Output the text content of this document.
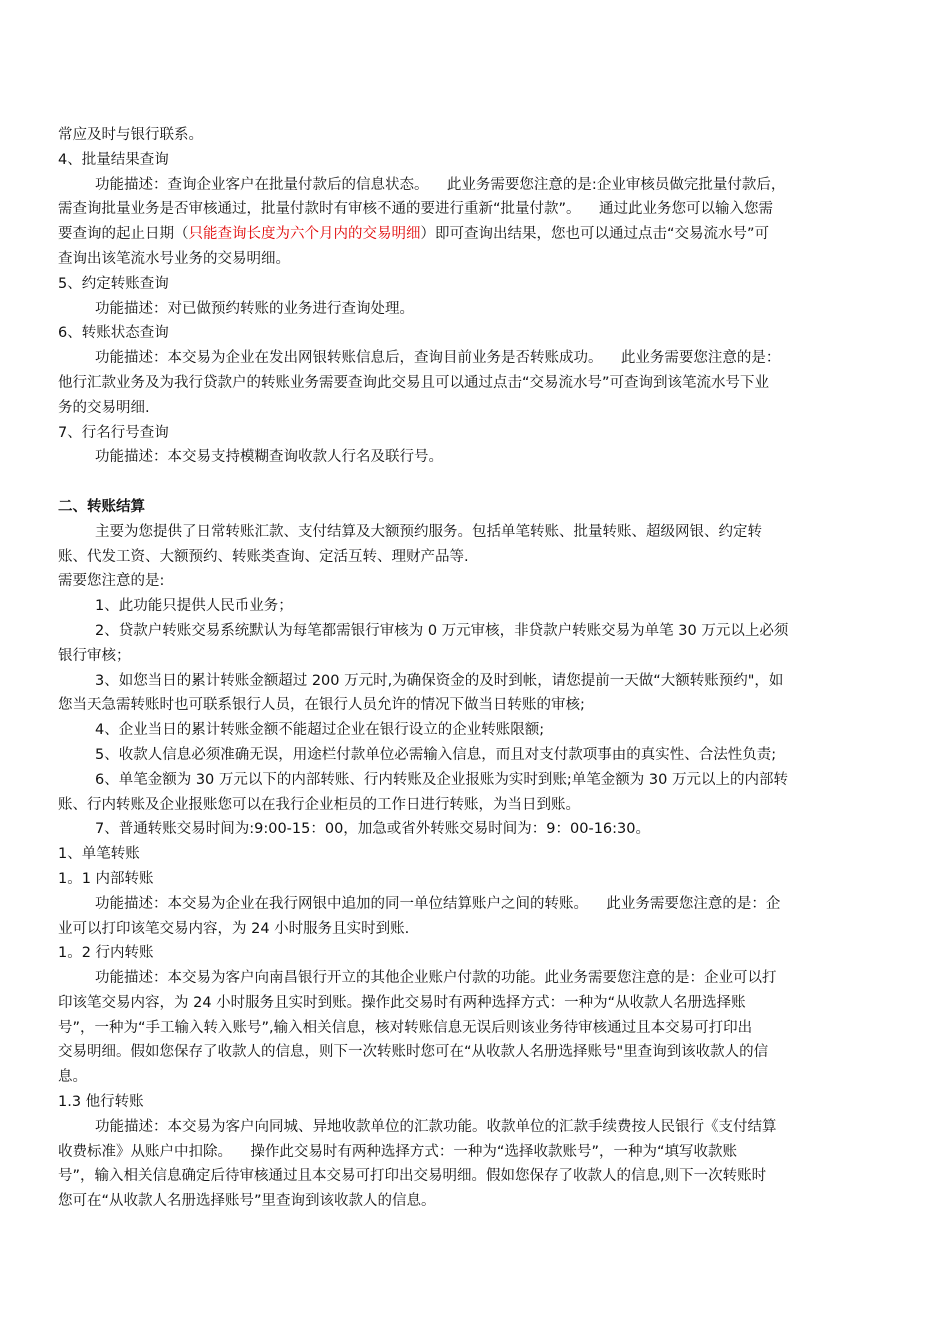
常应及时与银行联系。
4、批量结果查询
功能描述：查询企业客户在批量付款后的信息状态。    此业务需要您注意的是:企业审核员做完批量付款后，
需查询批量业务是否审核通过，批量付款时有审核不通的要进行重新“批量付款”。    通过此业务您可以输入您需
要查询的起止日期（只能查询长度为六个月内的交易明细）即可查询出结果，您也可以通过点击“交易流水号”可
查询出该笔流水号业务的交易明细。
5、约定转账查询
功能描述：对已做预约转账的业务进行查询处理。
6、转账状态查询
功能描述：本交易为企业在发出网银转账信息后，查询目前业务是否转账成功。    此业务需要您注意的是：
他行汇款业务及为我行贷款户的转账业务需要查询此交易且可以通过点击“交易流水号”可查询到该笔流水号下业
务的交易明细.
7、行名行号查询
功能描述：本交易支持模糊查询收款人行名及联行号。
二、转账结算
主要为您提供了日常转账汇款、支付结算及大额预约服务。包括单笔转账、批量转账、超级网银、约定转
账、代发工资、大额预约、转账类查询、定活互转、理财产品等.
需要您注意的是:
1、此功能只提供人民币业务；
2、贷款户转账交易系统默认为每笔都需银行审核为 0 万元审核，非贷款户转账交易为单笔 30 万元以上必须
银行审核；
3、如您当日的累计转账金额超过 200 万元时,为确保资金的及时到帐，请您提前一天做“大额转账预约"，如
您当天急需转账时也可联系银行人员，在银行人员允许的情况下做当日转账的审核;
4、企业当日的累计转账金额不能超过企业在银行设立的企业转账限额;
5、收款人信息必须准确无误，用途栏付款单位必需输入信息，而且对支付款项事由的真实性、合法性负责;
6、单笔金额为 30 万元以下的内部转账、行内转账及企业报账为实时到账;单笔金额为 30 万元以上的内部转
账、行内转账及企业报账您可以在我行企业柜员的工作日进行转账，为当日到账。
7、普通转账交易时间为:9:00-15：00，加急或省外转账交易时间为：9：00-16:30。
1、单笔转账
1。1 内部转账
功能描述：本交易为企业在我行网银中追加的同一单位结算账户之间的转账。    此业务需要您注意的是：企
业可以打印该笔交易内容，为 24 小时服务且实时到账.
1。2 行内转账
功能描述：本交易为客户向南昌银行开立的其他企业账户付款的功能。此业务需要您注意的是：企业可以打
印该笔交易内容，为 24 小时服务且实时到账。操作此交易时有两种选择方式：一种为“从收款人名册选择账
号”，一种为“手工输入转入账号”,输入相关信息，核对转账信息无误后则该业务待审核通过且本交易可打印出
交易明细。假如您保存了收款人的信息，则下一次转账时您可在“从收款人名册选择账号"里查询到该收款人的信
息。
1.3 他行转账
功能描述：本交易为客户向同城、异地收款单位的汇款功能。收款单位的汇款手续费按人民银行《支付结算
收费标准》从账户中扣除。    操作此交易时有两种选择方式：一种为“选择收款账号”，一种为“填写收款账
号”，输入相关信息确定后待审核通过且本交易可打印出交易明细。假如您保存了收款人的信息,则下一次转账时
您可在“从收款人名册选择账号”里查询到该收款人的信息。
